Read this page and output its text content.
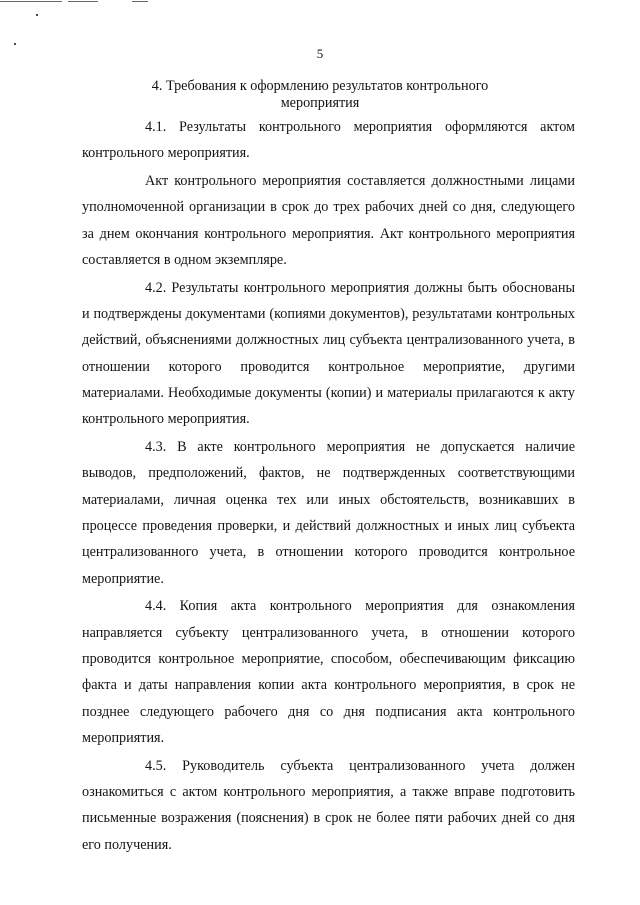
5
4. Требования к оформлению результатов контрольного
мероприятия

4.1. Результаты контрольного мероприятия оформляются актом контрольного мероприятия.

Акт контрольного мероприятия составляется должностными лицами уполномоченной организации в срок до трех рабочих дней со дня, следующего за днем окончания контрольного мероприятия. Акт контрольного мероприятия составляется в одном экземпляре.

4.2. Результаты контрольного мероприятия должны быть обоснованы и подтверждены документами (копиями документов), результатами контрольных действий, объяснениями должностных лиц субъекта централизованного учета, в отношении которого проводится контрольное мероприятие, другими материалами. Необходимые документы (копии) и материалы прилагаются к акту контрольного мероприятия.

4.3. В акте контрольного мероприятия не допускается наличие выводов, предположений, фактов, не подтвержденных соответствующими материалами, личная оценка тех или иных обстоятельств, возникавших в процессе проведения проверки, и действий должностных и иных лиц субъекта централизованного учета, в отношении которого проводится контрольное мероприятие.

4.4. Копия акта контрольного мероприятия для ознакомления направляется субъекту централизованного учета, в отношении которого проводится контрольное мероприятие, способом, обеспечивающим фиксацию факта и даты направления копии акта контрольного мероприятия, в срок не позднее следующего рабочего дня со дня подписания акта контрольного мероприятия.

4.5. Руководитель субъекта централизованного учета должен ознакомиться с актом контрольного мероприятия, а также вправе подготовить письменные возражения (пояснения) в срок не более пяти рабочих дней со дня его получения.
